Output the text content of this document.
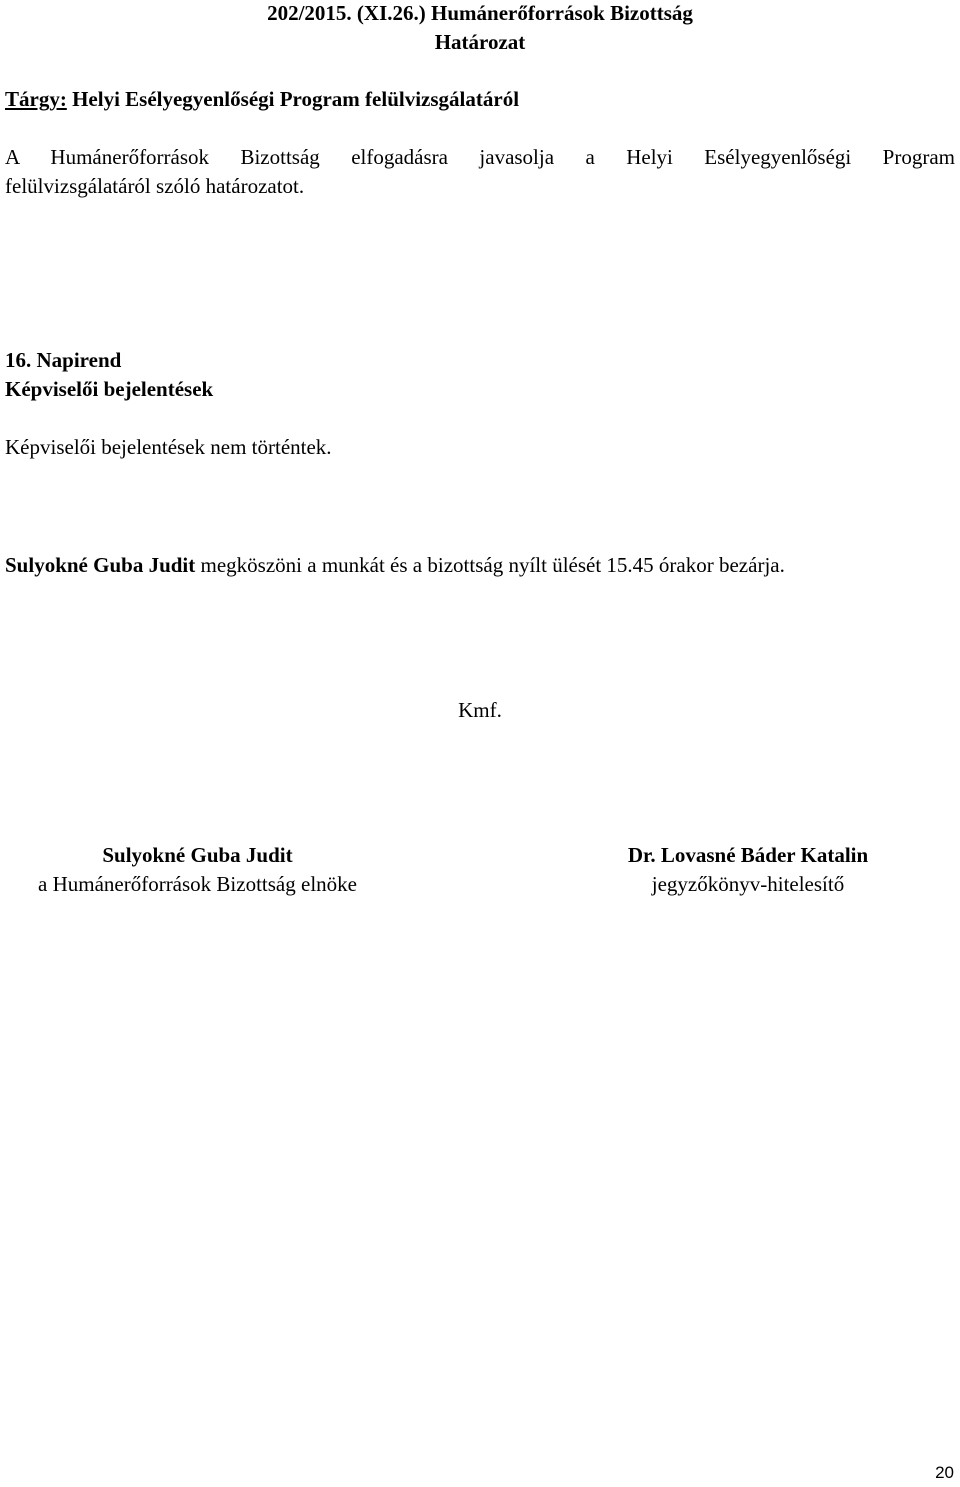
202/2015. (XI.26.) Humánerőforrások Bizottság
Határozat
Tárgy: Helyi Esélyegyenlőségi Program felülvizsgálatáról
A Humánerőforrások Bizottság elfogadásra javasolja a Helyi Esélyegyenlőségi Program
felülvizsgálatáról szóló határozatot.
16. Napirend
Képviselői bejelentések
Képviselői bejelentések nem történtek.
Sulyokné Guba Judit megköszöni a munkát és a bizottság nyílt ülését 15.45 órakor bezárja.
Kmf.
Sulyokné Guba Judit
a Humánerőforrások Bizottság elnöke
Dr. Lovasné Báder Katalin
jegyzőkönyv-hitelesítő
20
